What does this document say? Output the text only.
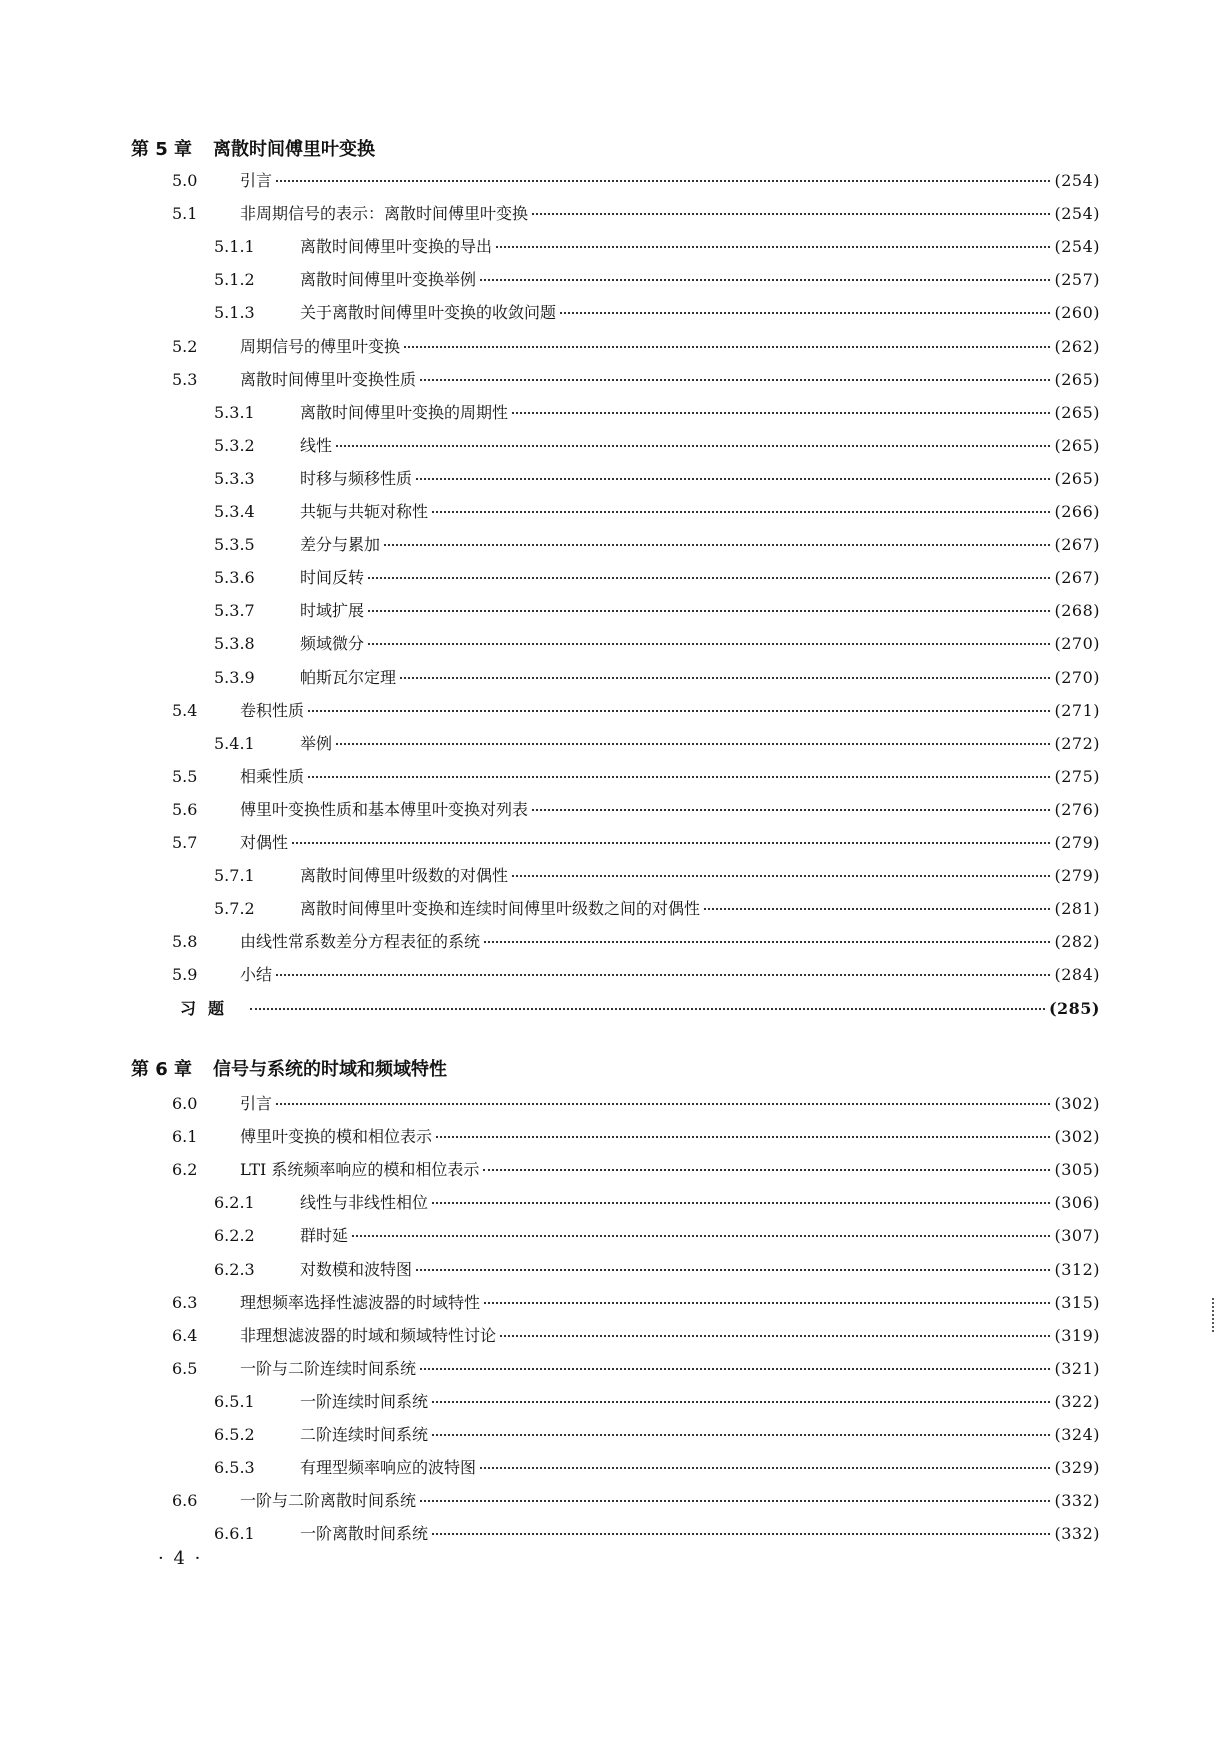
第 5 章 离散时间傅里叶变换
5.0	引言	(254)
5.1	非周期信号的表示：离散时间傅里叶变换	(254)
5.1.1	离散时间傅里叶变换的导出	(254)
5.1.2	离散时间傅里叶变换举例	(257)
5.1.3	关于离散时间傅里叶变换的收敛问题	(260)
5.2	周期信号的傅里叶变换	(262)
5.3	离散时间傅里叶变换性质	(265)
5.3.1	离散时间傅里叶变换的周期性	(265)
5.3.2	线性	(265)
5.3.3	时移与频移性质	(265)
5.3.4	共轭与共轭对称性	(266)
5.3.5	差分与累加	(267)
5.3.6	时间反转	(267)
5.3.7	时域扩展	(268)
5.3.8	频域微分	(270)
5.3.9	帕斯瓦尔定理	(270)
5.4	卷积性质	(271)
5.4.1	举例	(272)
5.5	相乘性质	(275)
5.6	傅里叶变换性质和基本傅里叶变换对列表	(276)
5.7	对偶性	(279)
5.7.1	离散时间傅里叶级数的对偶性	(279)
5.7.2	离散时间傅里叶变换和连续时间傅里叶级数之间的对偶性	(281)
5.8	由线性常系数差分方程表征的系统	(282)
5.9	小结	(284)
习题	(285)
第 6 章 信号与系统的时域和频域特性
6.0	引言	(302)
6.1	傅里叶变换的模和相位表示	(302)
6.2	LTI 系统频率响应的模和相位表示	(305)
6.2.1	线性与非线性相位	(306)
6.2.2	群时延	(307)
6.2.3	对数模和波特图	(312)
6.3	理想频率选择性滤波器的时域特性	(315)
6.4	非理想滤波器的时域和频域特性讨论	(319)
6.5	一阶与二阶连续时间系统	(321)
6.5.1	一阶连续时间系统	(322)
6.5.2	二阶连续时间系统	(324)
6.5.3	有理型频率响应的波特图	(329)
6.6	一阶与二阶离散时间系统	(332)
6.6.1	一阶离散时间系统	(332)
· 4 ·
